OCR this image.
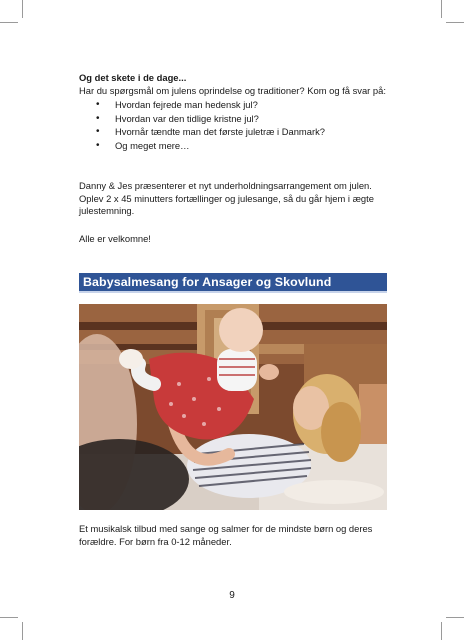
Og det skete i de dage...
Har du spørgsmål om julens oprindelse og traditioner? Kom og få svar på:
• Hvordan fejrede man hedensk jul?
• Hvordan var den tidlige kristne jul?
• Hvornår tændte man det første juletræ i Danmark?
• Og meget mere…
Danny & Jes præsenterer et nyt underholdningsarrangement om julen. Oplev 2 x 45 minutters fortællinger og julesange, så du går hjem i ægte julestemning.
Alle er velkomne!
Babysalmesang for Ansager og Skovlund
Et musikalsk tilbud med sange og salmer for de mindste børn og deres forældre. For børn fra 0-12 måneder.
9
